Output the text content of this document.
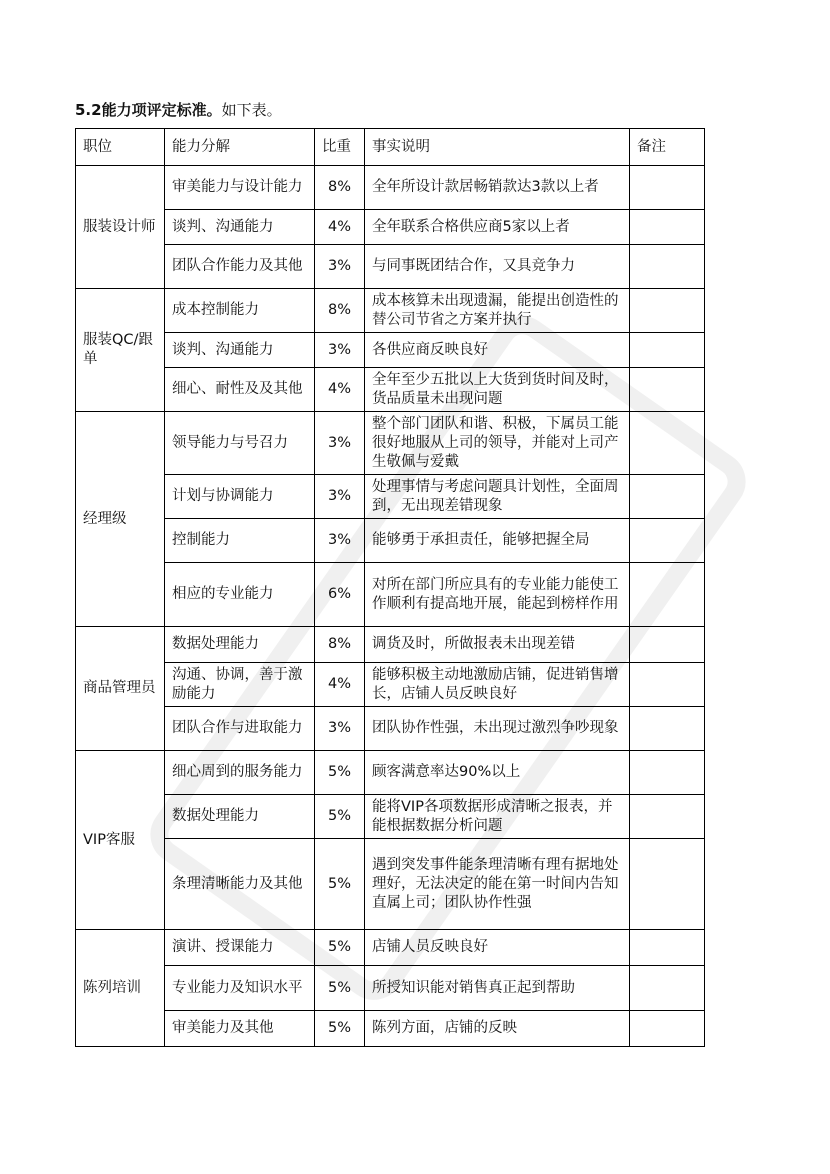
5.2能力项评定标准。如下表。
职位	能力分解	比重	事实说明	备注
服装设计师	审美能力与设计能力	8%	全年所设计款居畅销款达3款以上者	
	谈判、沟通能力	4%	全年联系合格供应商5家以上者	
	团队合作能力及其他	3%	与同事既团结合作，又具竞争力	
服装QC/跟单	成本控制能力	8%	成本核算未出现遗漏，能提出创造性的替公司节省之方案并执行	
	谈判、沟通能力	3%	各供应商反映良好	
	细心、耐性及及其他	4%	全年至少五批以上大货到货时间及时，货品质量未出现问题	
经理级	领导能力与号召力	3%	整个部门团队和谐、积极，下属员工能很好地服从上司的领导，并能对上司产生敬佩与爱戴	
	计划与协调能力	3%	处理事情与考虑问题具计划性，全面周到，无出现差错现象	
	控制能力	3%	能够勇于承担责任，能够把握全局	
	相应的专业能力	6%	对所在部门所应具有的专业能力能使工作顺利有提高地开展，能起到榜样作用	
商品管理员	数据处理能力	8%	调货及时，所做报表未出现差错	
	沟通、协调，善于激励能力	4%	能够积极主动地激励店铺，促进销售增长，店铺人员反映良好	
	团队合作与进取能力	3%	团队协作性强，未出现过激烈争吵现象	
VIP客服	细心周到的服务能力	5%	顾客满意率达90%以上	
	数据处理能力	5%	能将VIP各项数据形成清晰之报表，并能根据数据分析问题	
	条理清晰能力及其他	5%	遇到突发事件能条理清晰有理有据地处理好，无法决定的能在第一时间内告知直属上司；团队协作性强	
陈列培训	演讲、授课能力	5%	店铺人员反映良好	
	专业能力及知识水平	5%	所授知识能对销售真正起到帮助	
	审美能力及其他	5%	陈列方面，店铺的反映	
